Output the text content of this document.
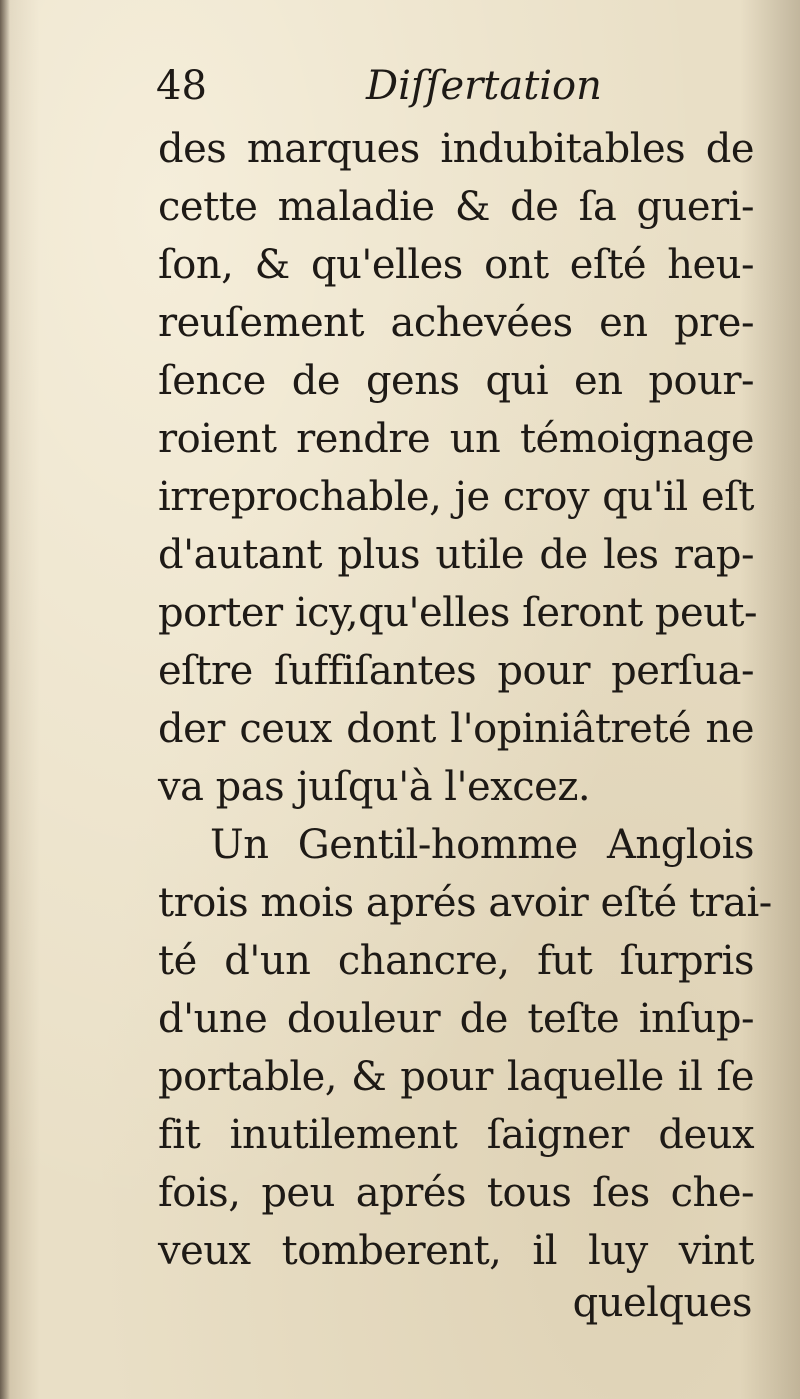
48	Diſſertation
des marques indubitables de
cette maladie & de ſa gueri-
ſon, & qu'elles ont eſté heu-
reuſement achevées en pre-
ſence de gens qui en pour-
roient rendre un témoignage
irreprochable, je croy qu'il eſt
d'autant plus utile de les rap-
porter icy,qu'elles ſeront peut-
eſtre ſuffiſantes pour perſua-
der ceux dont l'opiniâtreté ne
va pas juſqu'à l'excez.
Un Gentil-homme Anglois
trois mois aprés avoir eſté trai-
té d'un chancre, fut ſurpris
d'une douleur de teſte inſup-
portable, & pour laquelle il ſe
fit inutilement ſaigner deux
fois, peu aprés tous ſes che-
veux tomberent, il luy vint
quelques
